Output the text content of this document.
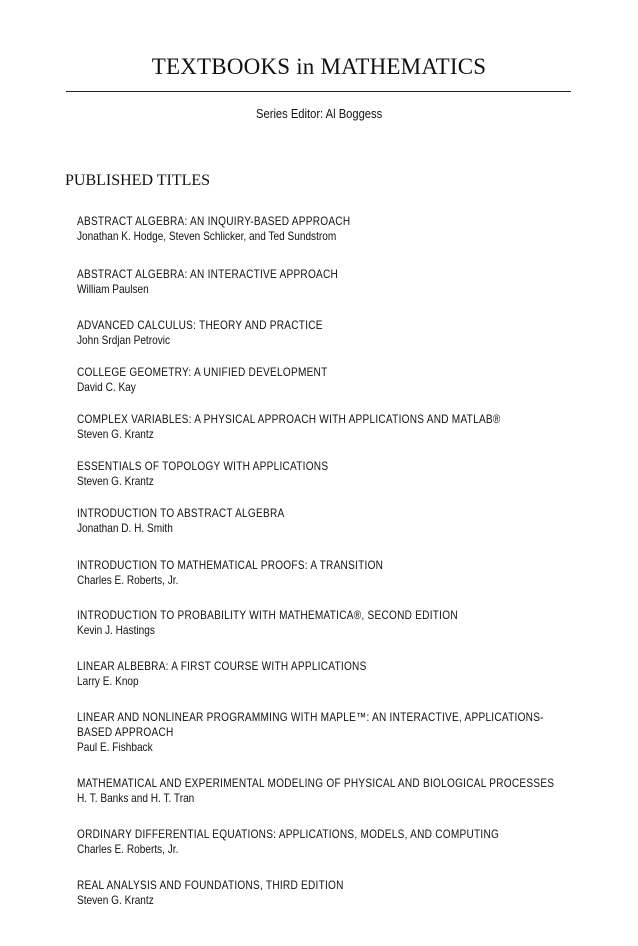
TEXTBOOKS in MATHEMATICS
Series Editor: Al Boggess
PUBLISHED TITLES
ABSTRACT ALGEBRA: AN INQUIRY-BASED APPROACH
Jonathan K. Hodge, Steven Schlicker, and Ted Sundstrom
ABSTRACT ALGEBRA: AN INTERACTIVE APPROACH
William Paulsen
ADVANCED CALCULUS: THEORY AND PRACTICE
John Srdjan Petrovic
COLLEGE GEOMETRY: A UNIFIED DEVELOPMENT
David C. Kay
COMPLEX VARIABLES: A PHYSICAL APPROACH WITH APPLICATIONS AND MATLAB®
Steven G. Krantz
ESSENTIALS OF TOPOLOGY WITH APPLICATIONS
Steven G. Krantz
INTRODUCTION TO ABSTRACT ALGEBRA
Jonathan D. H. Smith
INTRODUCTION TO MATHEMATICAL PROOFS: A TRANSITION
Charles E. Roberts, Jr.
INTRODUCTION TO PROBABILITY WITH MATHEMATICA®, SECOND EDITION
Kevin J. Hastings
LINEAR ALBEBRA: A FIRST COURSE WITH APPLICATIONS
Larry E. Knop
LINEAR AND NONLINEAR PROGRAMMING WITH MAPLE™: AN INTERACTIVE, APPLICATIONS-BASED APPROACH
Paul E. Fishback
MATHEMATICAL AND EXPERIMENTAL MODELING OF PHYSICAL AND BIOLOGICAL PROCESSES
H. T. Banks and H. T. Tran
ORDINARY DIFFERENTIAL EQUATIONS: APPLICATIONS, MODELS, AND COMPUTING
Charles E. Roberts, Jr.
REAL ANALYSIS AND FOUNDATIONS, THIRD EDITION
Steven G. Krantz
